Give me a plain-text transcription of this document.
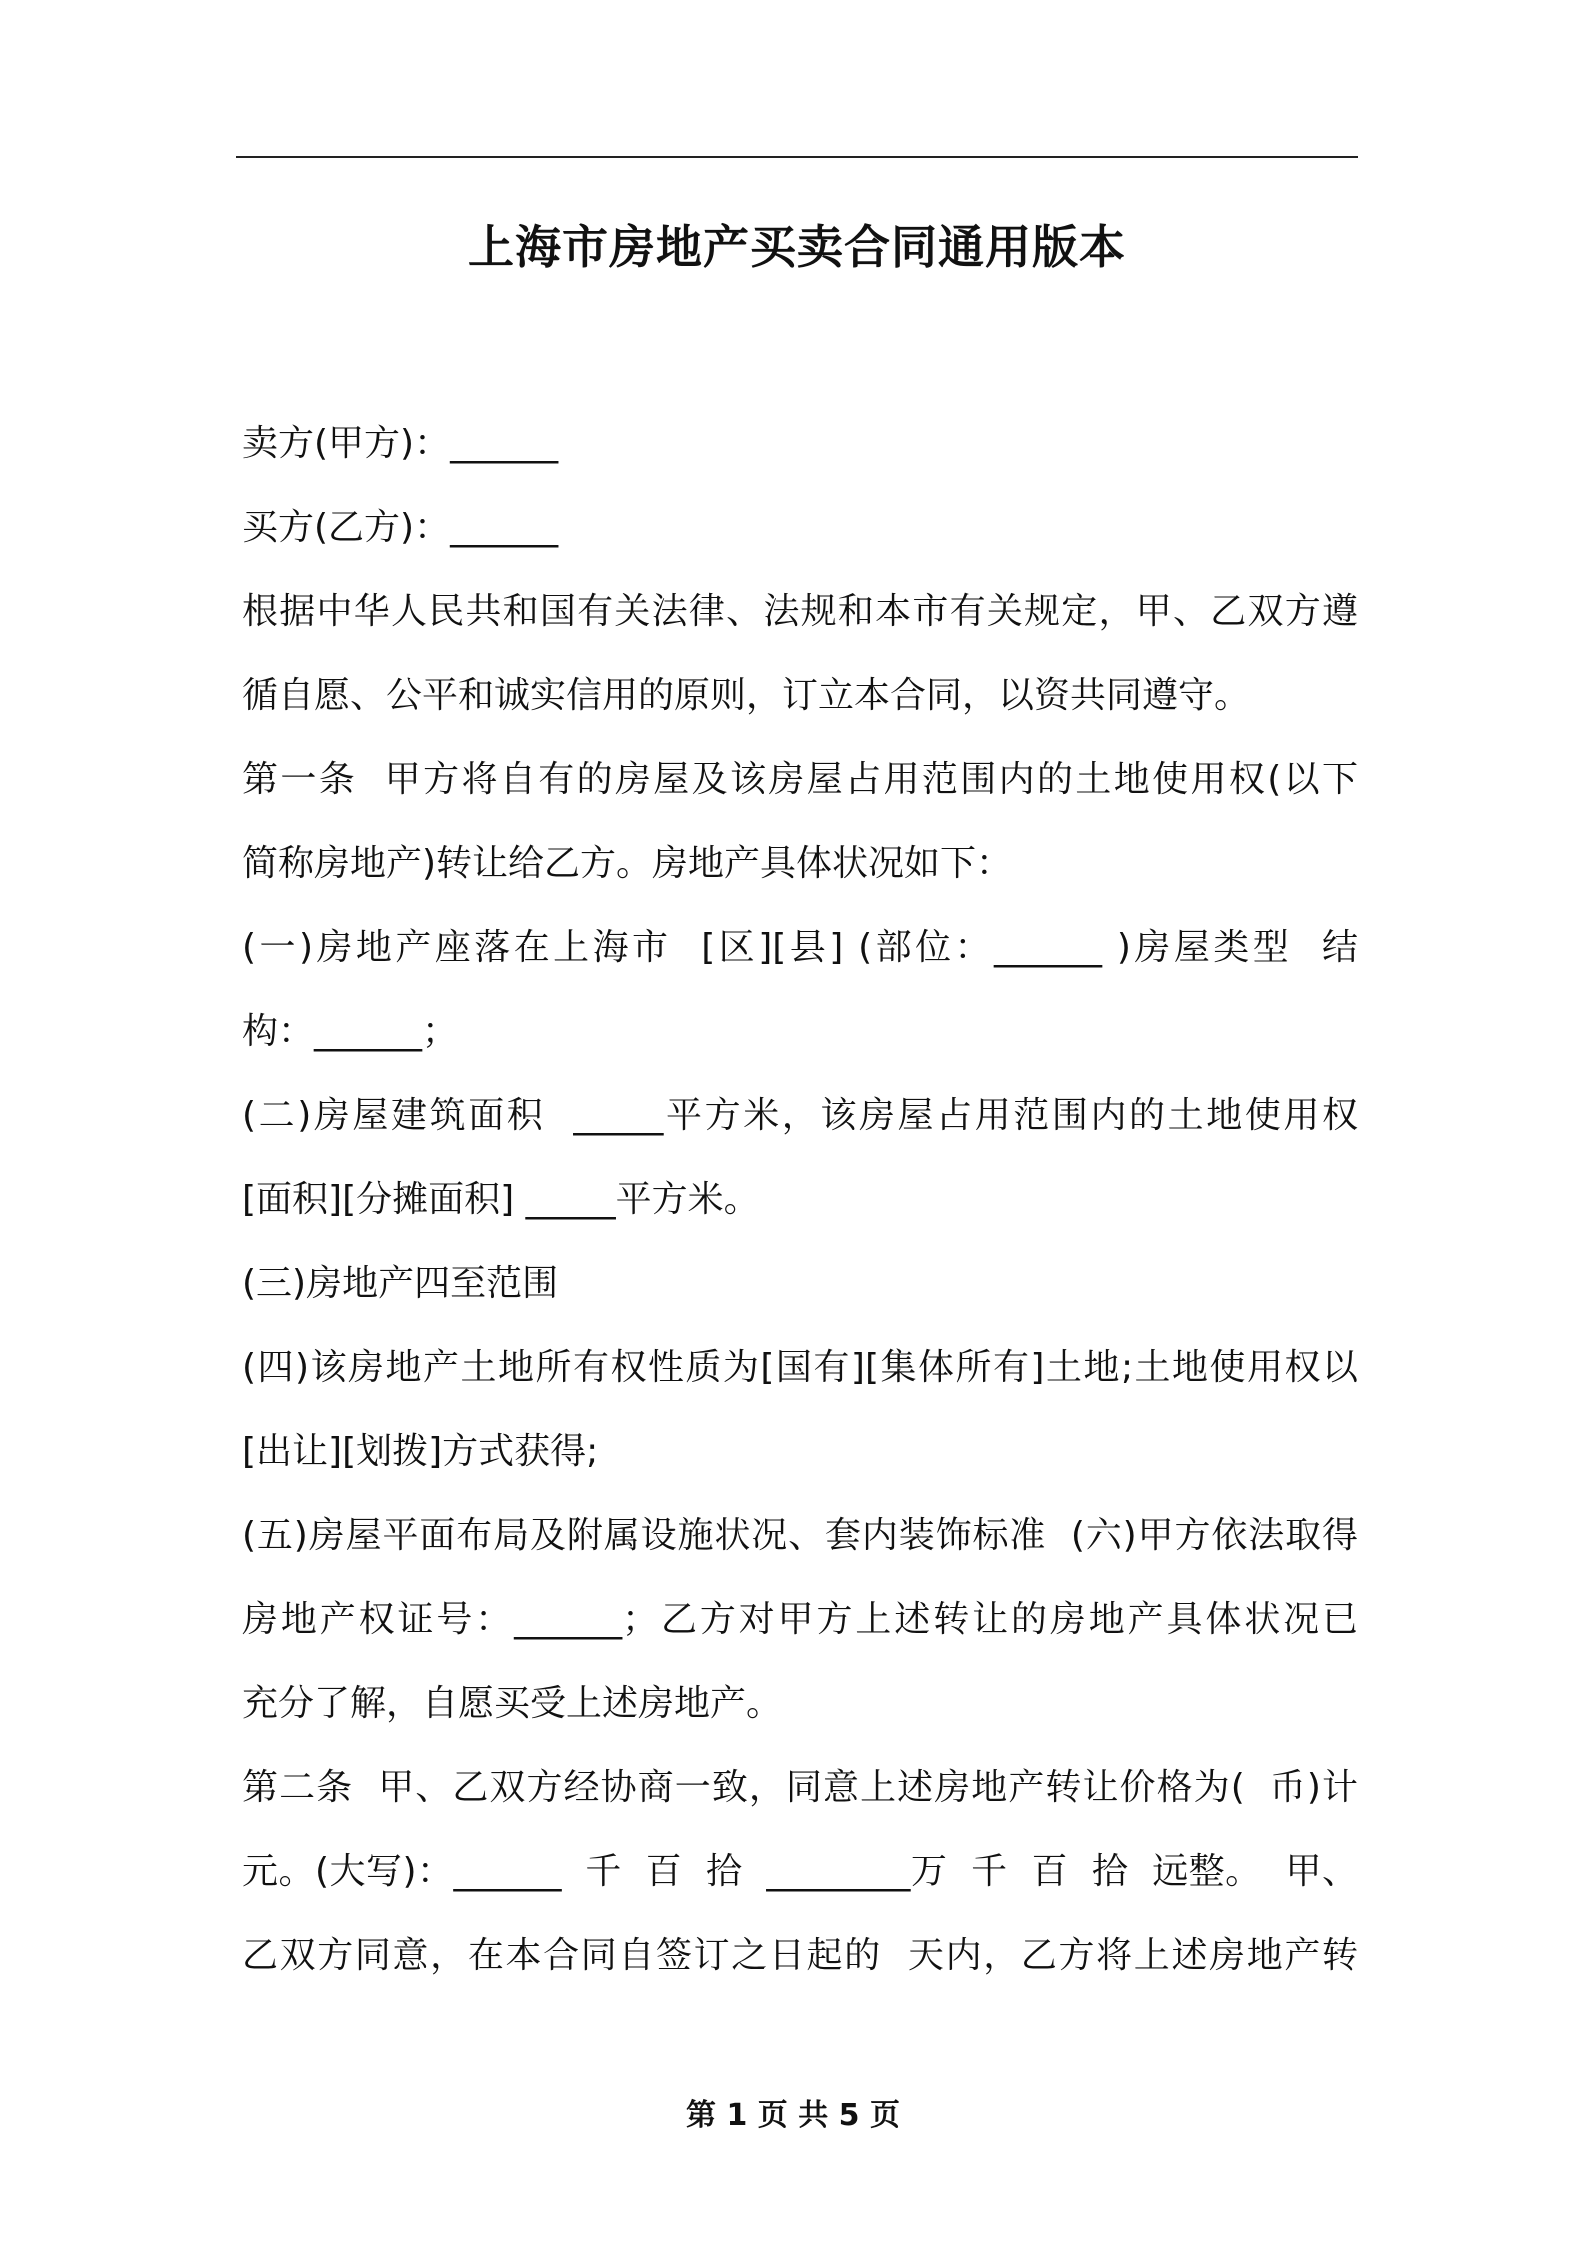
上海市房地产买卖合同通用版本
卖方(甲方)：______
买方(乙方)：______
根据中华人民共和国有关法律、法规和本市有关规定，甲、乙双方遵
循自愿、公平和诚实信用的原则，订立本合同，以资共同遵守。
第一条  甲方将自有的房屋及该房屋占用范围内的土地使用权(以下
简称房地产)转让给乙方。房地产具体状况如下：
(一)房地产座落在上海市  [区][县] (部位：______ )房屋类型  结
构：______；
(二)房屋建筑面积  _____平方米，该房屋占用范围内的土地使用权
[面积][分摊面积] _____平方米。
(三)房地产四至范围
(四)该房地产土地所有权性质为[国有][集体所有]土地;土地使用权以
[出让][划拨]方式获得;
(五)房屋平面布局及附属设施状况、套内装饰标准  (六)甲方依法取得
房地产权证号：______；乙方对甲方上述转让的房地产具体状况已
充分了解，自愿买受上述房地产。
第二条  甲、乙双方经协商一致，同意上述房地产转让价格为(  币)计
元。(大写)：______  千  百  拾  ________万  千  百  拾  远整。  甲、
乙双方同意，在本合同自签订之日起的  天内，乙方将上述房地产转
第 1 页 共 5 页
